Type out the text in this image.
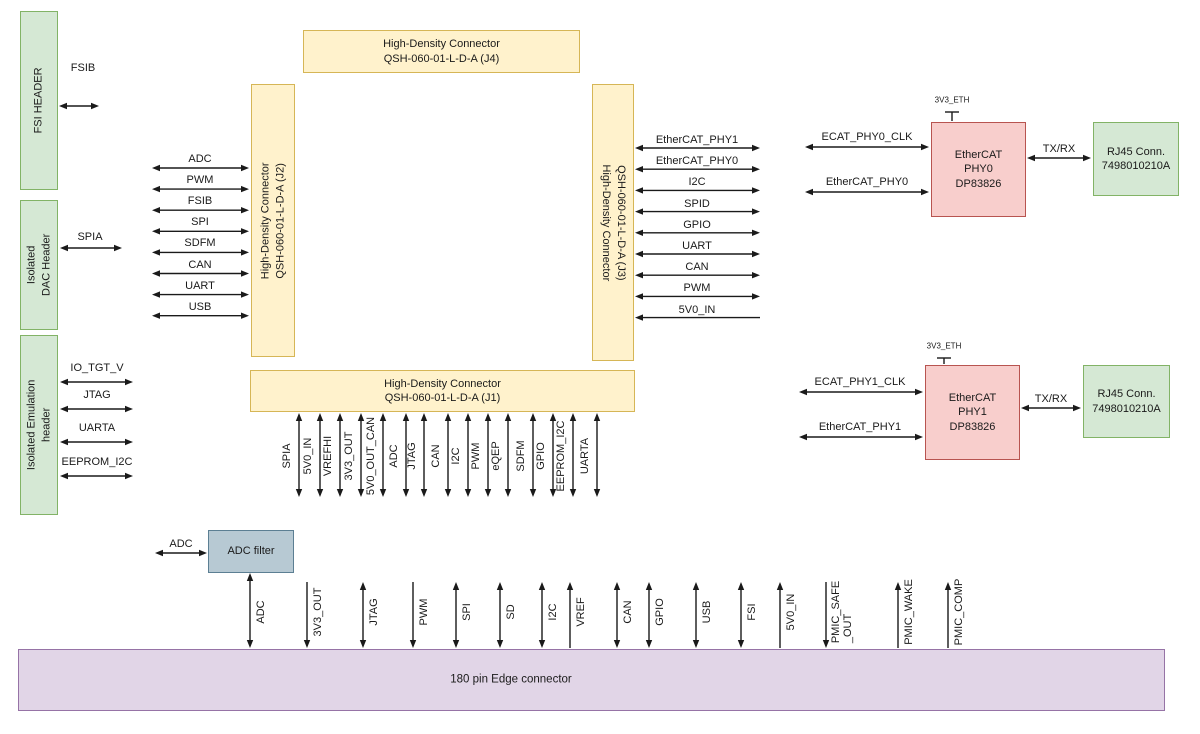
FSI HEADER
Isolated DAC Header
Isolated Emulation header
High-Density Connector
QSH-060-01-L-D-A (J4)
High-Density Connector QSH-060-01-L-D-A (J2)	High-Density Connector QSH-060-01-L-D-A (J3)
High-Density Connector
QSH-060-01-L-D-A (J1)
EtherCAT
PHY0
DP83826
EtherCAT
PHY1
DP83826
RJ45 Conn.
7498010210A
RJ45 Conn.
7498010210A
ADC filter
180 pin Edge connector
ADC
PWM
FSIB
SPI
SDFM
CAN
UART
USB
EtherCAT_PHY1
EtherCAT_PHY0
I2C
SPID
GPIO
UART
CAN
PWM
5V0_IN
FSIB
SPIA
IO_TGT_V
JTAG
UARTA
EEPROM_I2C
ECAT_PHY0_CLK
EtherCAT_PHY0
TX/RX
3V3_ETH
ECAT_PHY1_CLK
EtherCAT_PHY1
TX/RX
3V3_ETH
ADC
SPIA 5V0_IN VREFHI 3V3_OUT 5V0_OUT_CAN ADC JTAG CAN I2C PWM eQEP SDFM GPIO EEPROM_I2C UARTA
ADC	3V3_OUT	JTAG	PWM	SPI	SD	I2C VREF	CAN GPIO	USB	FSI 5V0_IN	PMIC_SAFE _OUT	PMIC_WAKE	PMIC_COMP
